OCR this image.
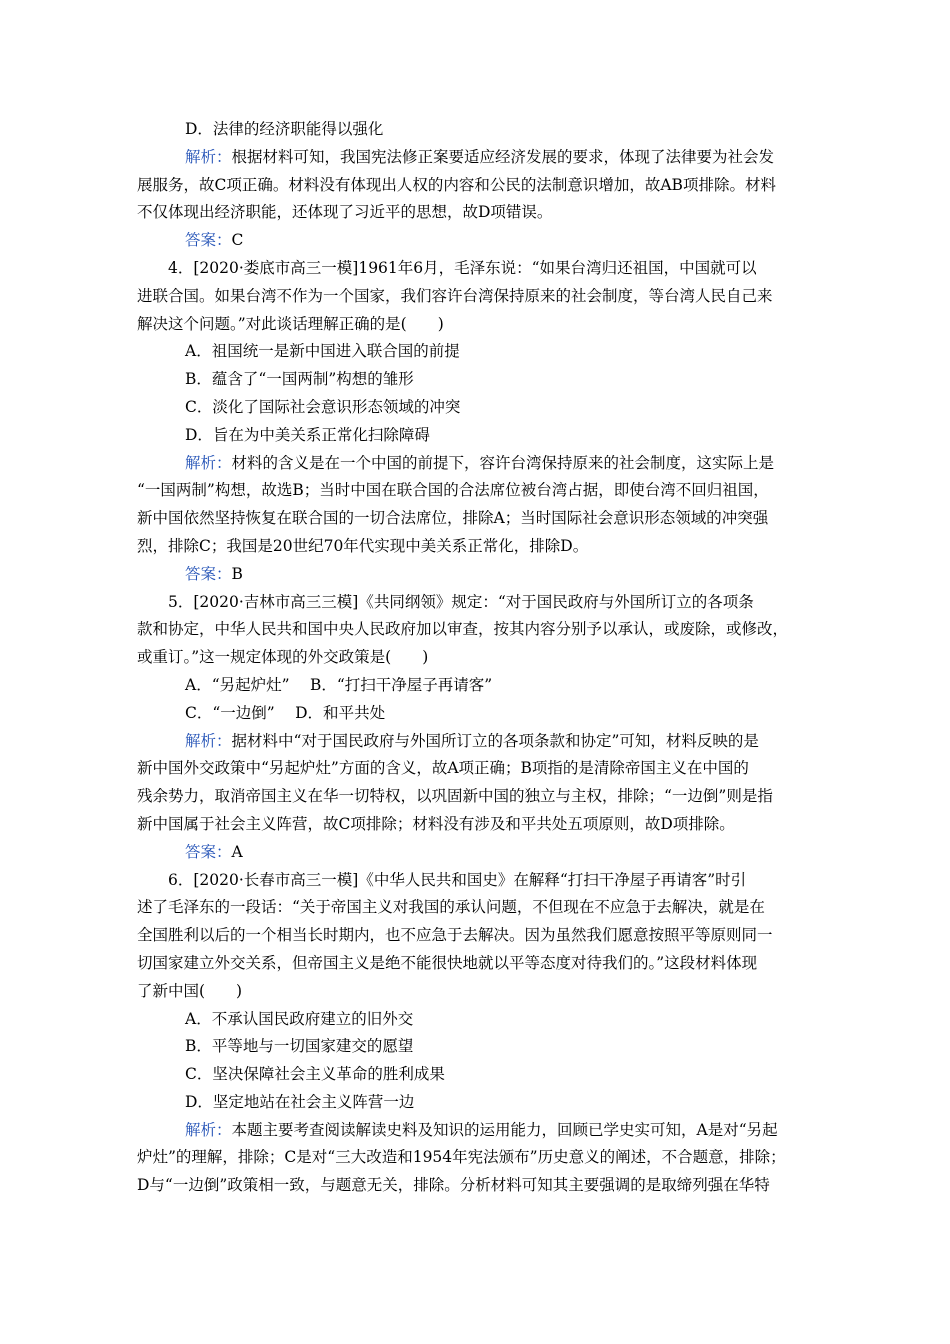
D．法律的经济职能得以强化
解析：根据材料可知，我国宪法修正案要适应经济发展的要求，体现了法律要为社会发
展服务，故C项正确。材料没有体现出人权的内容和公民的法制意识增加，故AB项排除。材料
不仅体现出经济职能，还体现了习近平的思想，故D项错误。
答案：C
4．[2020·娄底市高三一模]1961年6月，毛泽东说：“如果台湾归还祖国，中国就可以
进联合国。如果台湾不作为一个国家，我们容许台湾保持原来的社会制度，等台湾人民自己来
解决这个问题。”对此谈话理解正确的是(　　)
A．祖国统一是新中国进入联合国的前提
B．蕴含了“一国两制”构想的雏形
C．淡化了国际社会意识形态领域的冲突
D．旨在为中美关系正常化扫除障碍
解析：材料的含义是在一个中国的前提下，容许台湾保持原来的社会制度，这实际上是
“一国两制”构想，故选B；当时中国在联合国的合法席位被台湾占据，即使台湾不回归祖国，
新中国依然坚持恢复在联合国的一切合法席位，排除A；当时国际社会意识形态领域的冲突强
烈，排除C；我国是20世纪70年代实现中美关系正常化，排除D。
答案：B
5．[2020·吉林市高三三模]《共同纲领》规定：“对于国民政府与外国所订立的各项条
款和协定，中华人民共和国中央人民政府加以审查，按其内容分别予以承认，或废除，或修改，
或重订。”这一规定体现的外交政策是(　　)
A．“另起炉灶”　 B．“打扫干净屋子再请客”
C．“一边倒”　 D．和平共处
解析：据材料中“对于国民政府与外国所订立的各项条款和协定”可知，材料反映的是
新中国外交政策中“另起炉灶”方面的含义，故A项正确；B项指的是清除帝国主义在中国的
残余势力，取消帝国主义在华一切特权，以巩固新中国的独立与主权，排除；“一边倒”则是指
新中国属于社会主义阵营，故C项排除；材料没有涉及和平共处五项原则，故D项排除。
答案：A
6．[2020·长春市高三一模]《中华人民共和国史》在解释“打扫干净屋子再请客”时引
述了毛泽东的一段话：“关于帝国主义对我国的承认问题，不但现在不应急于去解决，就是在
全国胜利以后的一个相当长时期内，也不应急于去解决。因为虽然我们愿意按照平等原则同一
切国家建立外交关系，但帝国主义是绝不能很快地就以平等态度对待我们的。”这段材料体现
了新中国(　　)
A．不承认国民政府建立的旧外交
B．平等地与一切国家建交的愿望
C．坚决保障社会主义革命的胜利成果
D．坚定地站在社会主义阵营一边
解析：本题主要考查阅读解读史料及知识的运用能力，回顾已学史实可知，A是对“另起
炉灶”的理解，排除；C是对“三大改造和1954年宪法颁布”历史意义的阐述，不合题意，排除；
D与“一边倒”政策相一致，与题意无关，排除。分析材料可知其主要强调的是取缔列强在华特
